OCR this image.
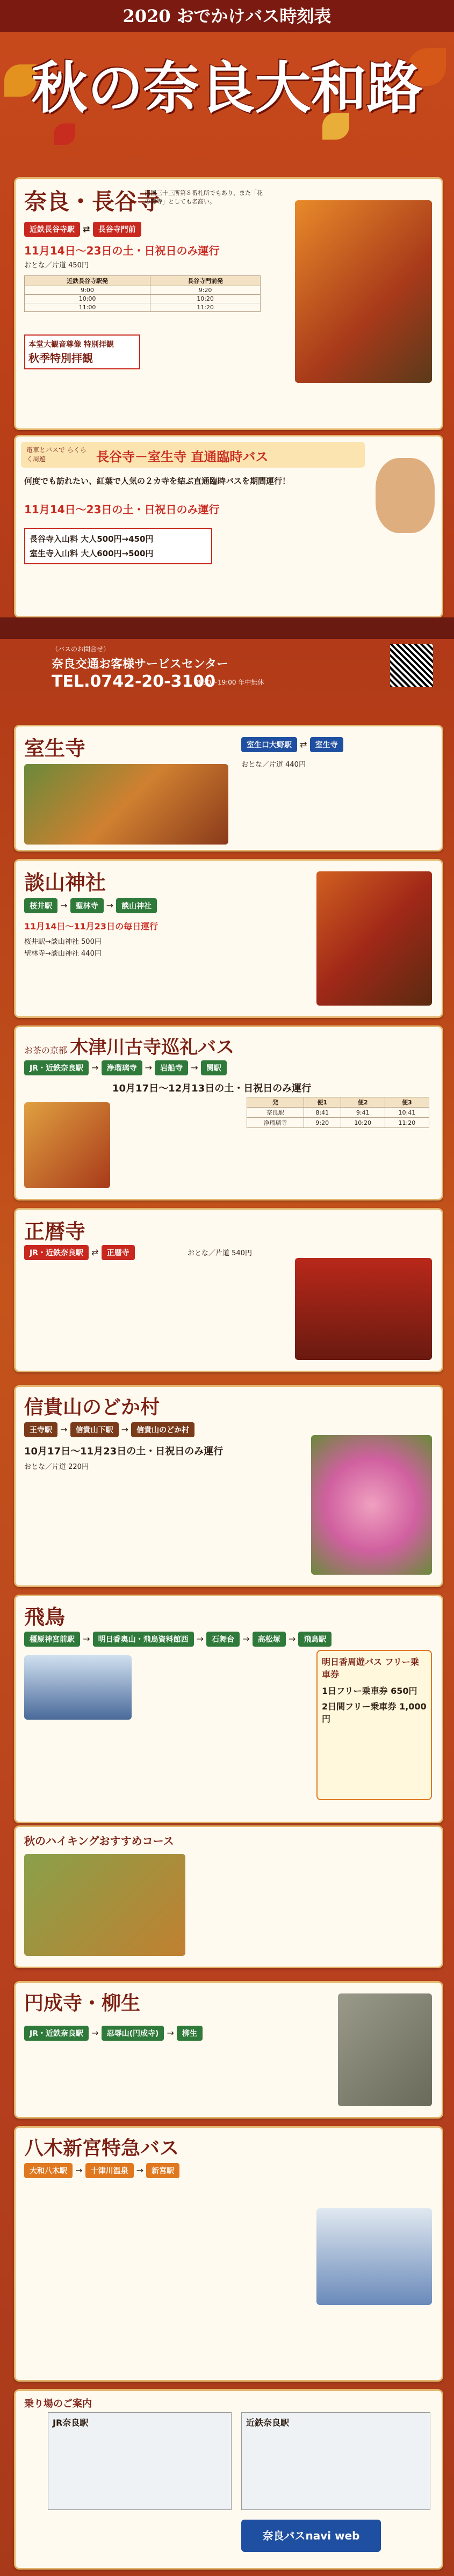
2020 おでかけバス時刻表
秋の奈良大和路
奈良・長谷寺
西国三十三所第８番札所でもあり、また「花の御寺」としても名高い。
近鉄長谷寺駅 ⇄ 長谷寺門前
11月14日〜23日の土・日祝日のみ運行
おとな／片道 450円
近鉄長谷寺駅発	長谷寺門前発
9:00	9:20
10:00	10:20
11:00	11:20
本堂大観音尊像 特別拝観
秋季特別拝観
電車とバスで らくらく周遊	長谷寺－室生寺 直通臨時バス
何度でも訪れたい、紅葉で人気の２カ寺を結ぶ直通臨時バスを期間運行！
11月14日〜23日の土・日祝日のみ運行
長谷寺入山料 大人500円→450円
室生寺入山料 大人600円→500円
（バスのお問合せ）
奈良交通お客様サービスセンター
TEL.0742-20-3100
8:30〜19:00 年中無休
室生寺	室生口大野駅 ⇄ 室生寺
おとな／片道 440円
談山神社
桜井駅 → 聖林寺 → 談山神社
11月14日〜11月23日の毎日運行
桜井駅→談山神社 500円
聖林寺→談山神社 440円
お茶の京都 木津川古寺巡礼バス
JR・近鉄奈良駅 → 浄瑠璃寺 → 岩船寺 → 関駅
10月17日〜12月13日の土・日祝日のみ運行
発	便1	便2	便3
奈良駅	8:41	9:41	10:41
浄瑠璃寺	9:20	10:20	11:20
正暦寺
JR・近鉄奈良駅 ⇄ 正暦寺	おとな／片道 540円
信貴山のどか村
王寺駅 → 信貴山下駅 → 信貴山のどか村
10月17日〜11月23日の土・日祝日のみ運行
おとな／片道 220円
飛鳥
橿原神宮前駅 → 明日香奥山・飛鳥資料館西 → 石舞台 → 高松塚 → 飛鳥駅
明日香周遊バス フリー乗車券
1日フリー乗車券 650円
2日間フリー乗車券 1,000円
秋のハイキングおすすめコース
円成寺・柳生
JR・近鉄奈良駅 → 忍辱山(円成寺) → 柳生
八木新宮特急バス
大和八木駅 → 十津川温泉 → 新宮駅
乗り場のご案内
JR奈良駅	近鉄奈良駅
奈良バスnavi web
